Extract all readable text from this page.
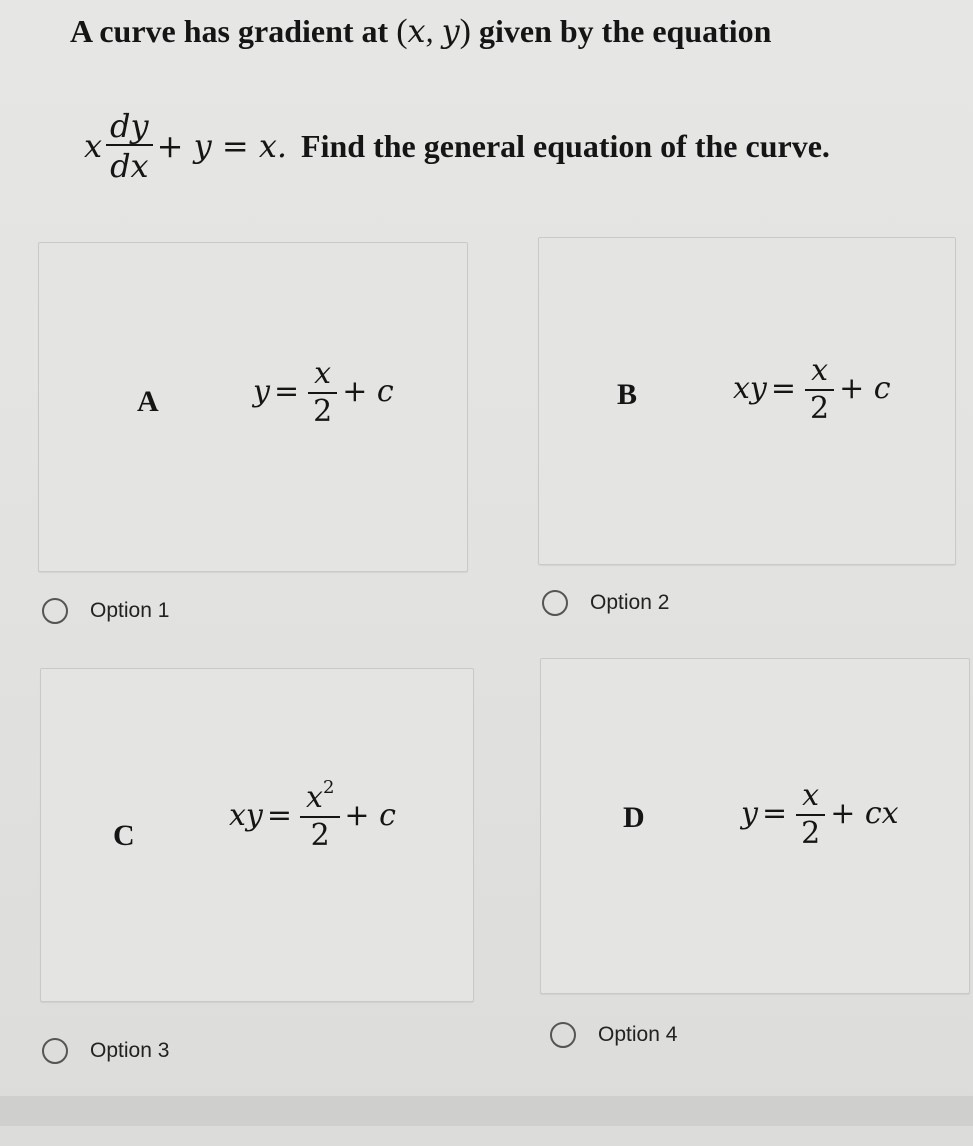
A curve has gradient at (x, y) given by the equation
x $\frac{dy}{dx} + y = x$. Find the general equation of the curve.
A	$y = \frac{x}{2} + c$
Option 1
B	xy = $\frac{x}{2} + c$
Option 2
C
xy = $\frac{x^2}{2} + c$
Option 3
D	$y = \frac{x}{2}$ + cx
Option 4
